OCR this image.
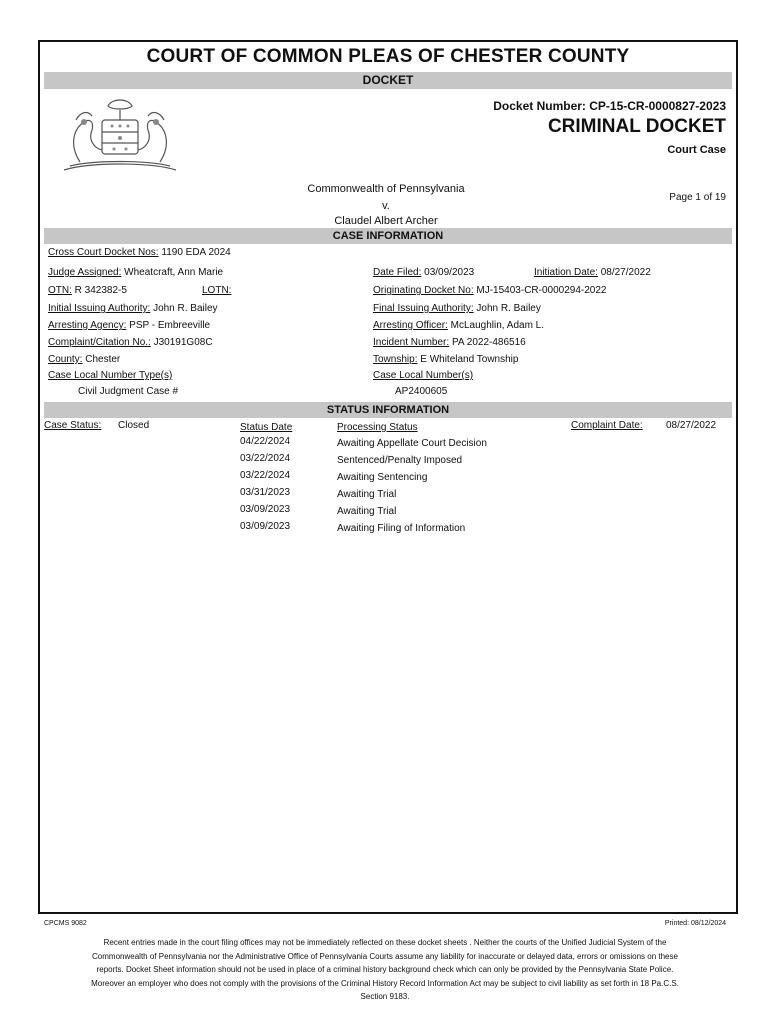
COURT OF COMMON PLEAS OF CHESTER COUNTY
DOCKET
Docket Number: CP-15-CR-0000827-2023
CRIMINAL DOCKET
Court Case
Commonwealth of Pennsylvania
v.
Claudel Albert Archer
Page 1 of 19
CASE INFORMATION
Cross Court Docket Nos: 1190 EDA 2024
Judge Assigned: Wheatcraft, Ann Marie	Date Filed: 03/09/2023	Initiation Date: 08/27/2022
OTN: R 342382-5	LOTN:	Originating Docket No: MJ-15403-CR-0000294-2022
Initial Issuing Authority: John R. Bailey	Final Issuing Authority: John R. Bailey
Arresting Agency: PSP - Embreeville	Arresting Officer: McLaughlin, Adam L.
Complaint/Citation No.: J30191G08C	Incident Number: PA 2022-486516
County: Chester	Township: E Whiteland Township
Case Local Number Type(s)	Case Local Number(s)
Civil Judgment Case #	AP2400605
STATUS INFORMATION
Case Status: Closed	Status Date	Processing Status	Complaint Date: 08/27/2022
04/22/2024	Awaiting Appellate Court Decision
03/22/2024	Sentenced/Penalty Imposed
03/22/2024	Awaiting Sentencing
03/31/2023	Awaiting Trial
03/09/2023	Awaiting Trial
03/09/2023	Awaiting Filing of Information
CPCMS 9082	Printed: 08/12/2024
Recent entries made in the court filing offices may not be immediately reflected on these docket sheets . Neither the courts of the Unified Judicial System of the Commonwealth of Pennsylvania nor the Administrative Office of Pennsylvania Courts assume any liability for inaccurate or delayed data, errors or omissions on these reports. Docket Sheet information should not be used in place of a criminal history background check which can only be provided by the Pennsylvania State Police. Moreover an employer who does not comply with the provisions of the Criminal History Record Information Act may be subject to civil liability as set forth in 18 Pa.C.S. Section 9183.
